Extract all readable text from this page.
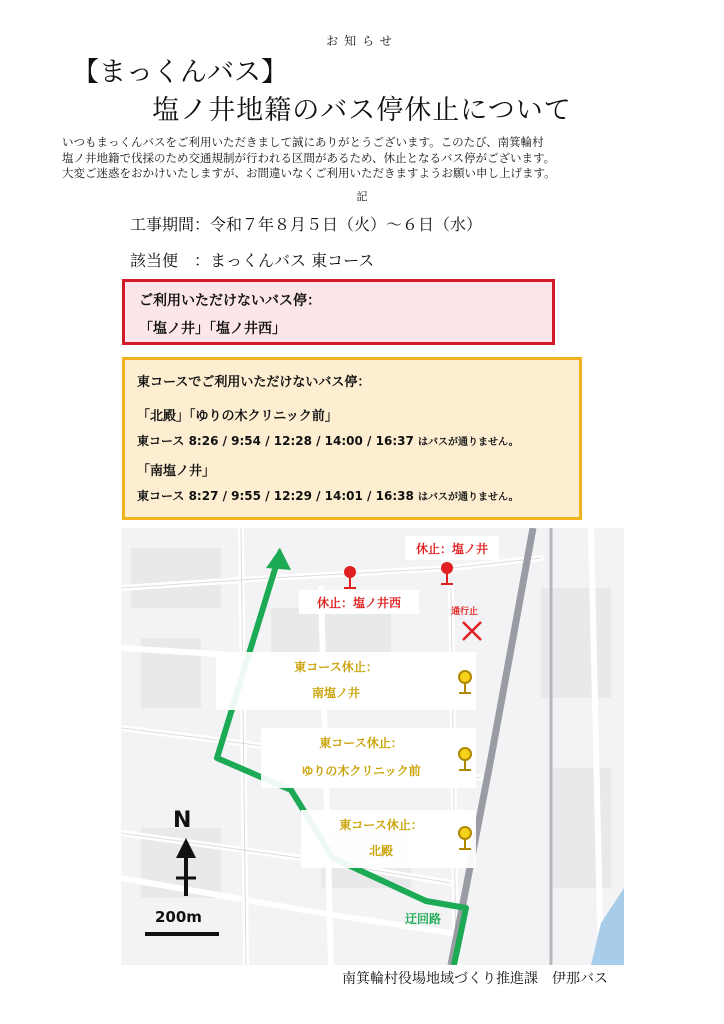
お知らせ
【まっくんバス】
塩ノ井地籍のバス停休止について

いつもまっくんバスをご利用いただきまして誠にありがとうございます。このたび、南箕輪村

塩ノ井地籍で伐採のため交通規制が行われる区間があるため、休止となるバス停がございます。

大変ご迷惑をおかけいたしますが、お間違いなくご利用いただきますようお願い申し上げます。

記
工事期間：令和７年８月５日（火）～６日（水）
該当便　：まっくんバス 東コース
ご利用いただけないバス停：
「塩ノ井」「塩ノ井西」
東コースでご利用いただけないバス停：
「北殿」「ゆりの木クリニック前」
東コース 8:26 / 9:54 / 12:28 / 14:00 / 16:37 はバスが通りません。
「南塩ノ井」
東コース 8:27 / 9:55 / 12:29 / 14:01 / 16:38 はバスが通りません。
休止：塩ノ井西
休止：塩ノ井
通行止
東コース休止：
南塩ノ井
東コース休止：
ゆりの木クリニック前
東コース休止：
北殿
迂回路
N
200m
南箕輪村役場地域づくり推進課　伊那バス
